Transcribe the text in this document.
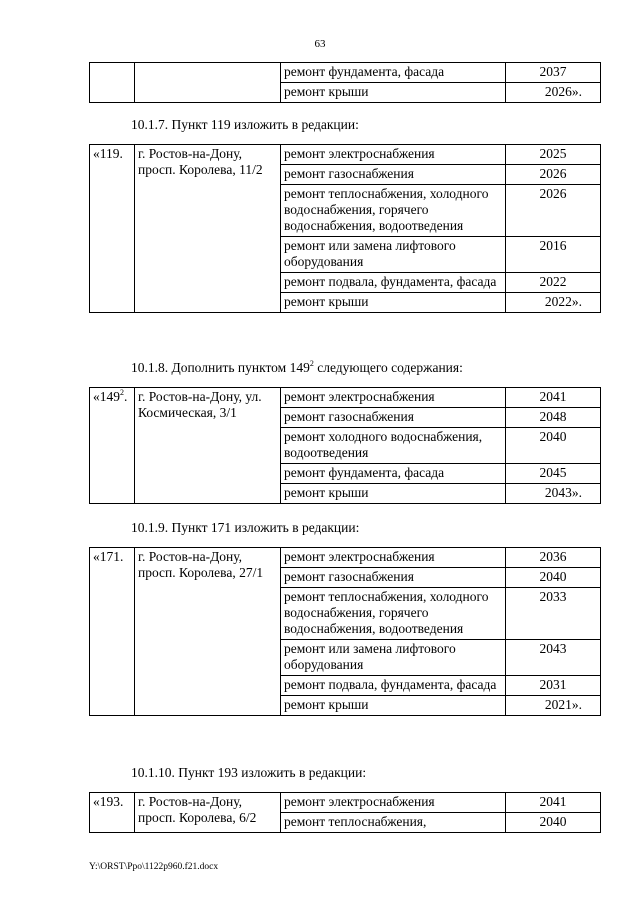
63
		ремонт фундамента, фасада	2037
		ремонт крыши	2026».
10.1.7. Пункт 119 изложить в редакции:
«119.	г. Ростов-на-Дону, просп. Королева, 11/2	ремонт электроснабжения	2025
		ремонт газоснабжения	2026
		ремонт теплоснабжения, холодного водоснабжения, горячего водоснабжения, водоотведения	2026
		ремонт или замена лифтового оборудования	2016
		ремонт подвала, фундамента, фасада	2022
		ремонт крыши	2022».
10.1.8. Дополнить пунктом $149^2$ следующего содержания:
«$149^2$.	г. Ростов-на-Дону, ул. Космическая, 3/1	ремонт электроснабжения	2041
		ремонт газоснабжения	2048
		ремонт холодного водоснабжения, водоотведения	2040
		ремонт фундамента, фасада	2045
		ремонт крыши	2043».
10.1.9. Пункт 171 изложить в редакции:
«171.	г. Ростов-на-Дону, просп. Королева, 27/1	ремонт электроснабжения	2036
		ремонт газоснабжения	2040
		ремонт теплоснабжения, холодного водоснабжения, горячего водоснабжения, водоотведения	2033
		ремонт или замена лифтового оборудования	2043
		ремонт подвала, фундамента, фасада	2031
		ремонт крыши	2021».
10.1.10. Пункт 193 изложить в редакции:
«193.	г. Ростов-на-Дону, просп. Королева, 6/2	ремонт электроснабжения	2041
		ремонт теплоснабжения,	2040
Y:\ORST\Ppo\1122p960.f21.docx
